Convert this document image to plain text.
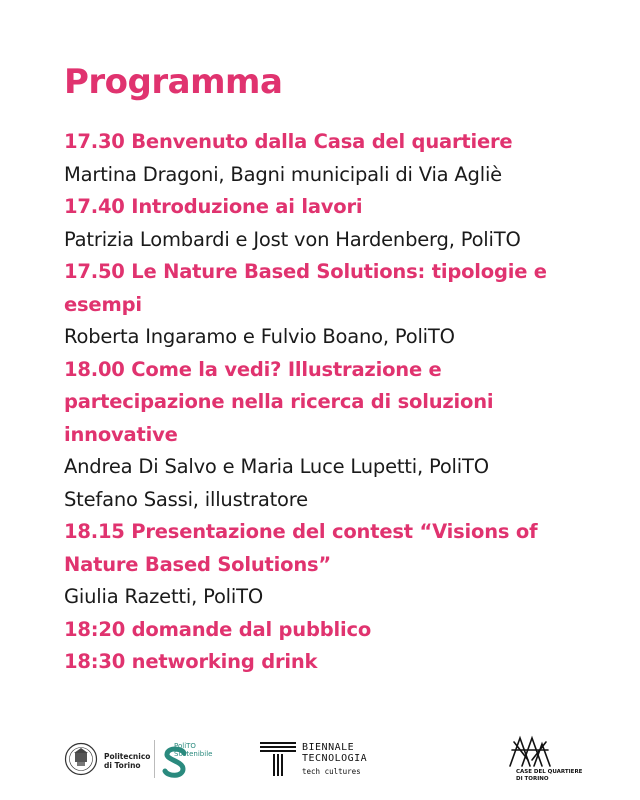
Programma

17.30 Benvenuto dalla Casa del quartiere

Martina Dragoni, Bagni municipali di Via Agliè

17.40 Introduzione ai lavori

Patrizia Lombardi e Jost von Hardenberg, PoliTO

17.50 Le Nature Based Solutions: tipologie e

esempi

Roberta Ingaramo e Fulvio Boano, PoliTO

18.00 Come la vedi? Illustrazione e

partecipazione nella ricerca di soluzioni

innovative

Andrea Di Salvo e Maria Luce Lupetti, PoliTO

Stefano Sassi, illustratore

18.15 Presentazione del contest “Visions of

Nature Based Solutions”

Giulia Razetti, PoliTO

18:20 domande dal pubblico

18:30 networking drink

Politecnico
di Torino
PoliTO
Sostenibile
BIENNALE
TECNOLOGIA
tech cultures	CASE DEL QUARTIERE
DI TORINO
